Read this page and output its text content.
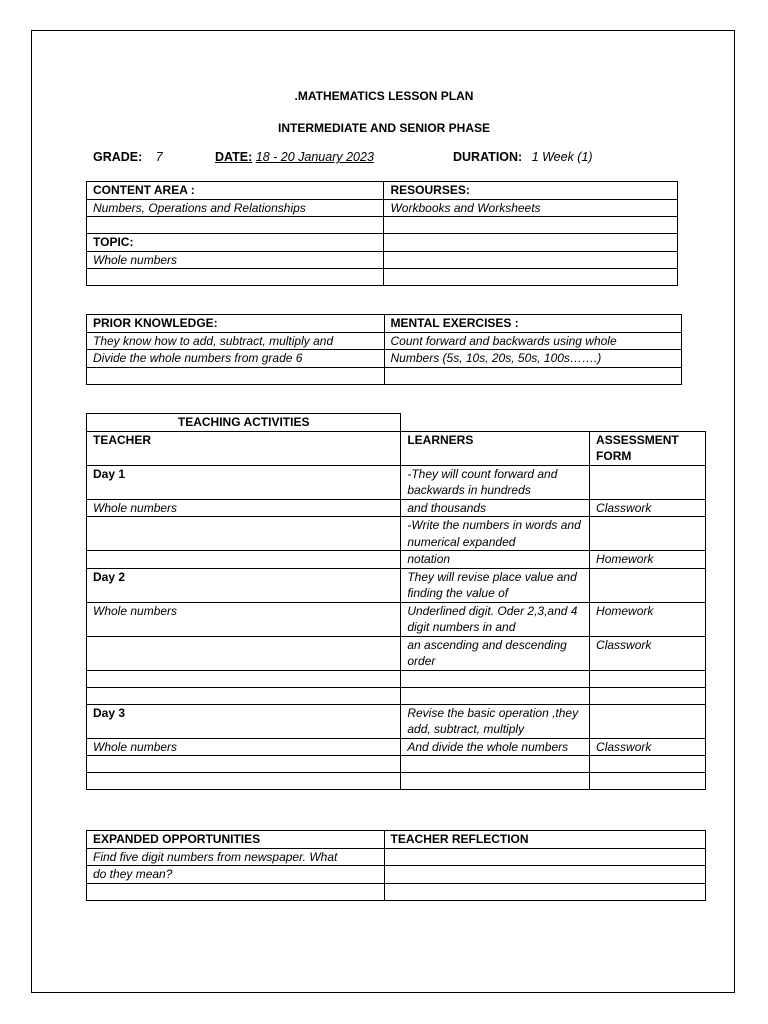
.MATHEMATICS LESSON PLAN
INTERMEDIATE AND SENIOR PHASE
GRADE: 7	DATE: 18 - 20 January 2023	DURATION: 1 Week (1)
CONTENT AREA :	RESOURSES:
Numbers, Operations and Relationships	Workbooks and Worksheets

TOPIC:	
Whole numbers	

PRIOR KNOWLEDGE:	MENTAL EXERCISES :
They know how to add, subtract, multiply and	Count forward and backwards using whole
Divide the whole numbers from grade 6	Numbers (5s, 10s, 20s, 50s, 100s…….)

TEACHING ACTIVITIES		
TEACHER	LEARNERS	ASSESSMENT FORM
Day 1	-They will count forward and backwards in hundreds	
Whole numbers	and thousands	Classwork
	-Write the numbers in words and numerical expanded	
	notation	Homework
Day 2	They will revise place value and finding the value of	
Whole numbers	Underlined digit. Oder 2,3,and 4 digit numbers in and	Homework
	an ascending and descending order	Classwork

Day 3	Revise the basic operation ,they add, subtract, multiply	
Whole numbers	And divide the whole numbers	Classwork

EXPANDED OPPORTUNITIES	TEACHER REFLECTION
Find five digit numbers from newspaper. What	
do they mean?	
